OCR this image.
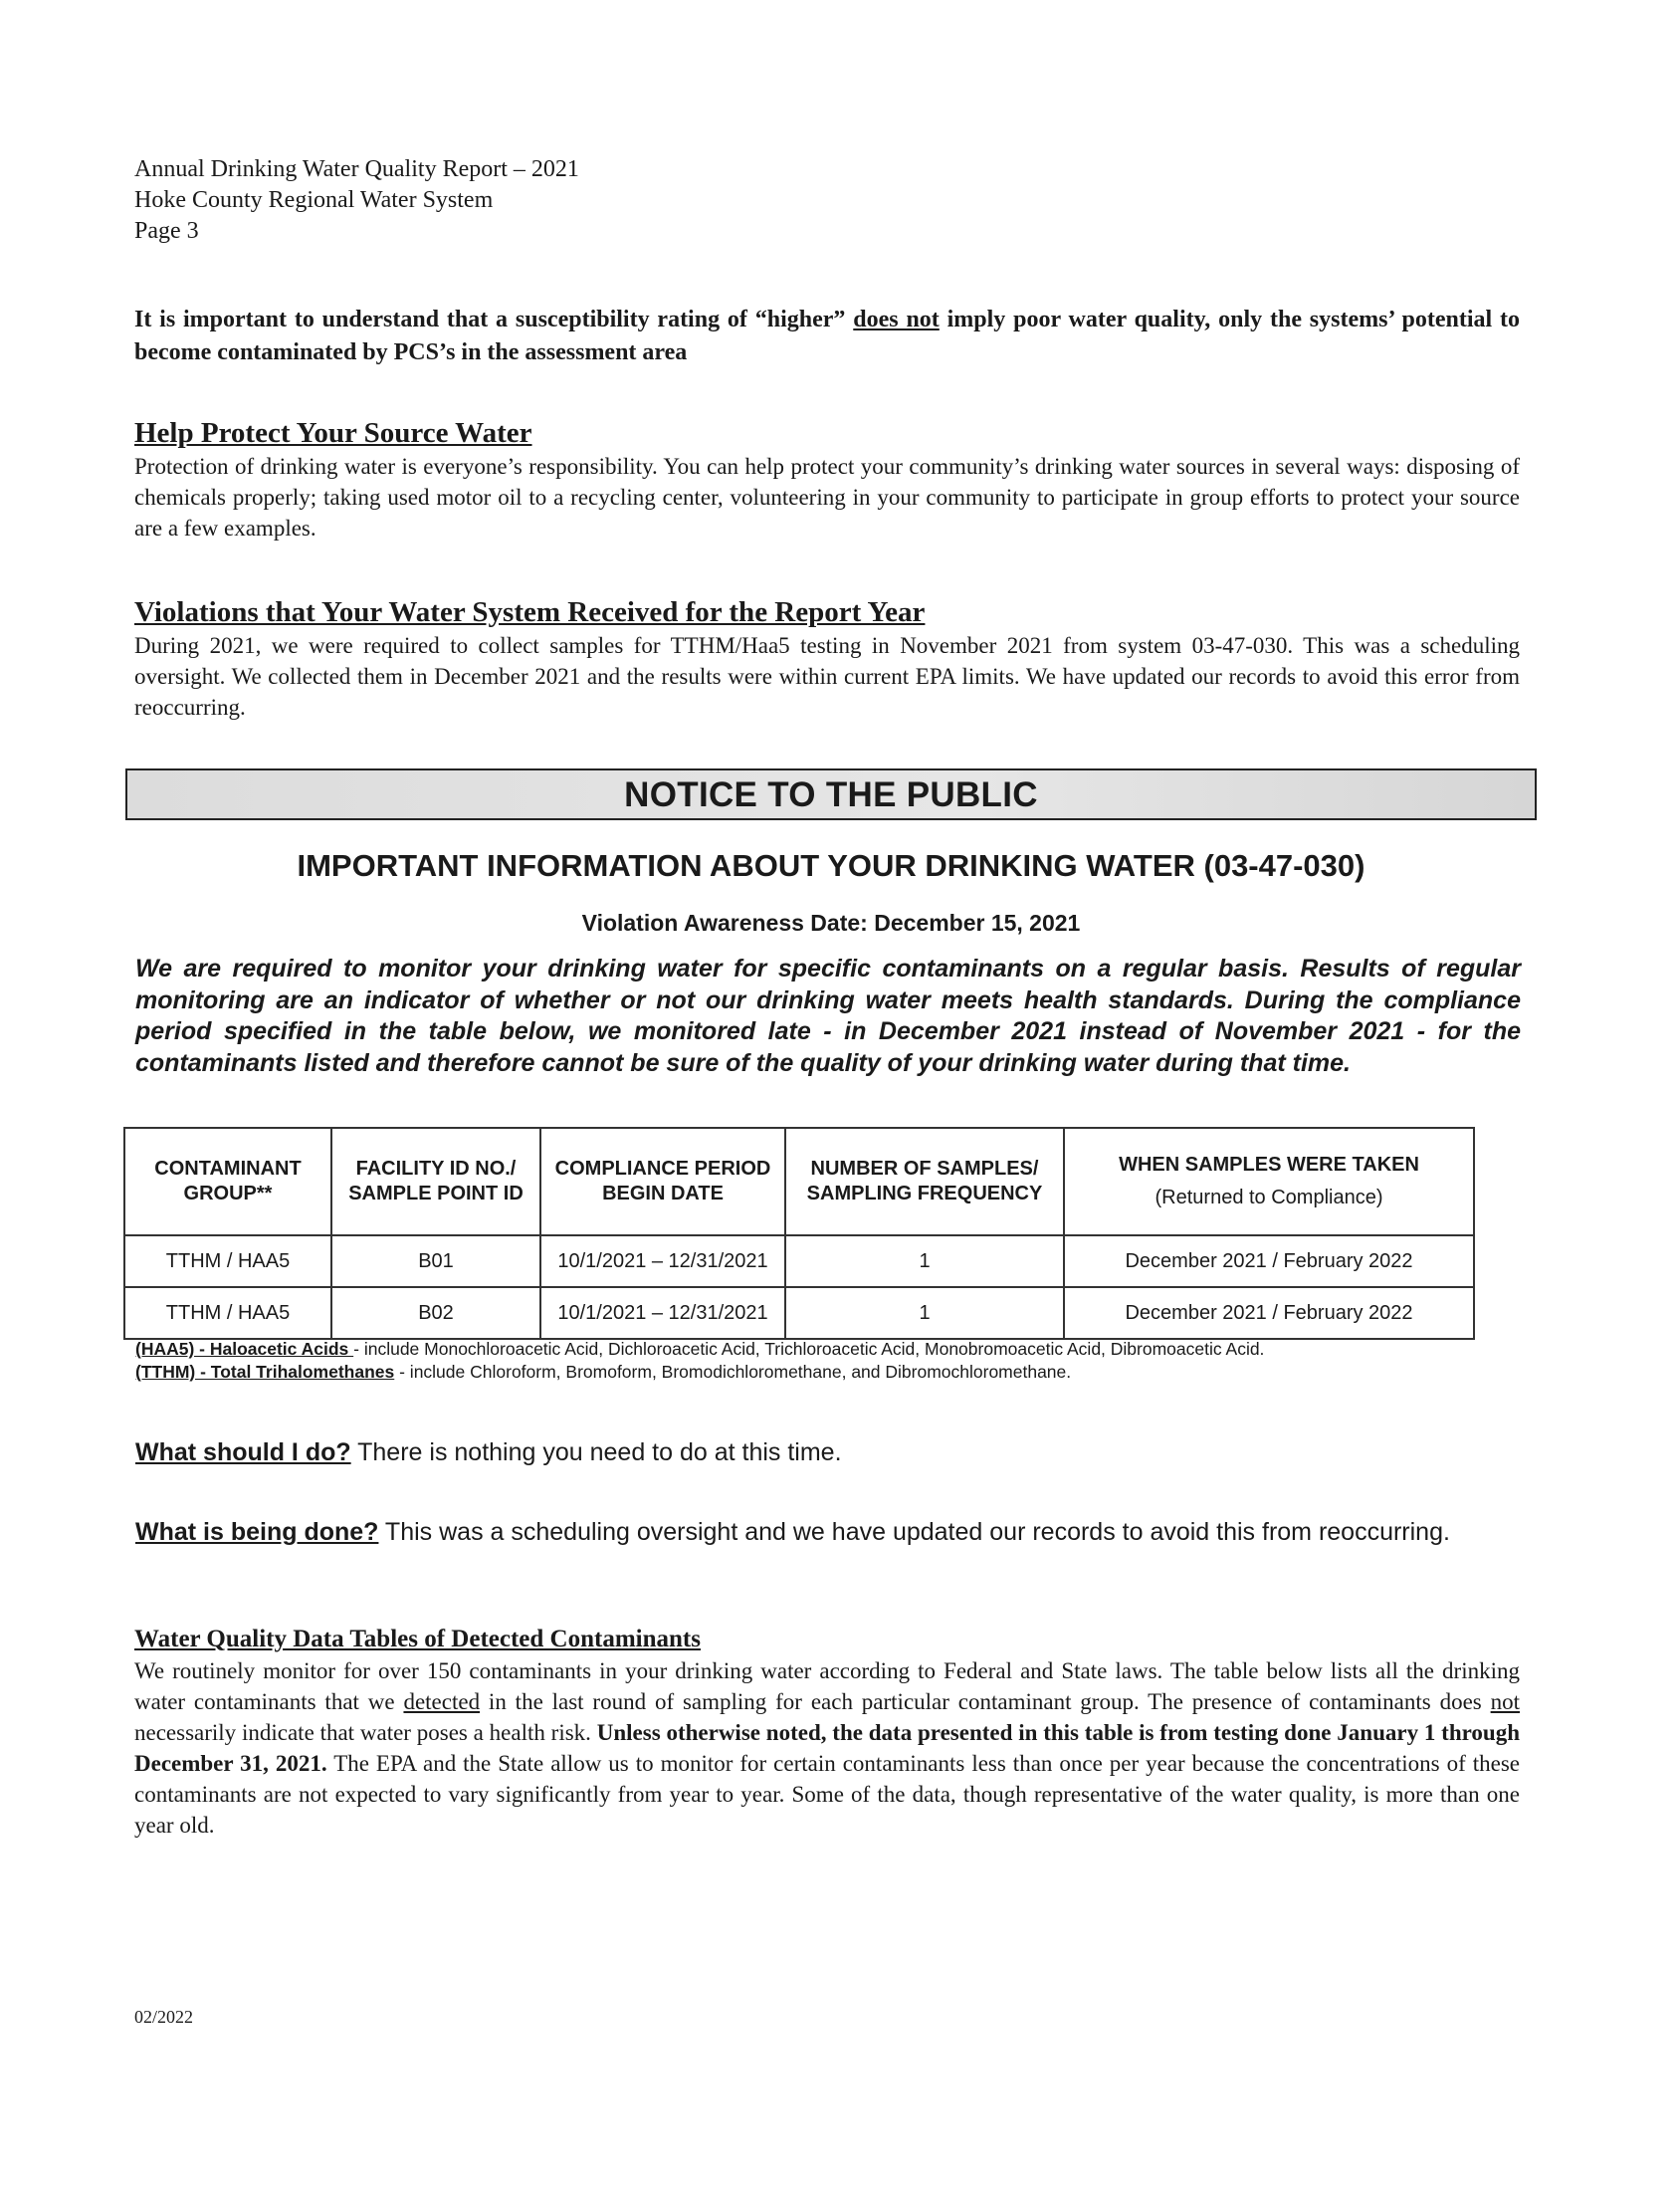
Annual Drinking Water Quality Report – 2021
Hoke County Regional Water System
Page 3
It is important to understand that a susceptibility rating of “higher” does not imply poor water quality, only the systems’ potential to become contaminated by PCS’s in the assessment area
Help Protect Your Source Water
Protection of drinking water is everyone’s responsibility. You can help protect your community’s drinking water sources in several ways: disposing of chemicals properly; taking used motor oil to a recycling center, volunteering in your community to participate in group efforts to protect your source are a few examples.
Violations that Your Water System Received for the Report Year
During 2021, we were required to collect samples for TTHM/Haa5 testing in November 2021 from system 03-47-030. This was a scheduling oversight. We collected them in December 2021 and the results were within current EPA limits. We have updated our records to avoid this error from reoccurring.
NOTICE TO THE PUBLIC
IMPORTANT INFORMATION ABOUT YOUR DRINKING WATER (03-47-030)
Violation Awareness Date: December 15, 2021
We are required to monitor your drinking water for specific contaminants on a regular basis. Results of regular monitoring are an indicator of whether or not our drinking water meets health standards. During the compliance period specified in the table below, we monitored late - in December 2021 instead of November 2021 - for the contaminants listed and therefore cannot be sure of the quality of your drinking water during that time.
CONTAMINANT GROUP**	FACILITY ID NO./ SAMPLE POINT ID	COMPLIANCE PERIOD BEGIN DATE	NUMBER OF SAMPLES/ SAMPLING FREQUENCY	WHEN SAMPLES WERE TAKEN
(Returned to Compliance)

TTHM / HAA5	B01	10/1/2021 – 12/31/2021	1	December 2021 / February 2022
TTHM / HAA5	B02	10/1/2021 – 12/31/2021	1	December 2021 / February 2022
(HAA5) - Haloacetic Acids - include Monochloroacetic Acid, Dichloroacetic Acid, Trichloroacetic Acid, Monobromoacetic Acid, Dibromoacetic Acid.
(TTHM) - Total Trihalomethanes - include Chloroform, Bromoform, Bromodichloromethane, and Dibromochloromethane.
What should I do? There is nothing you need to do at this time.
What is being done? This was a scheduling oversight and we have updated our records to avoid this from reoccurring.
Water Quality Data Tables of Detected Contaminants
We routinely monitor for over 150 contaminants in your drinking water according to Federal and State laws. The table below lists all the drinking water contaminants that we detected in the last round of sampling for each particular contaminant group. The presence of contaminants does not necessarily indicate that water poses a health risk. Unless otherwise noted, the data presented in this table is from testing done January 1 through December 31, 2021. The EPA and the State allow us to monitor for certain contaminants less than once per year because the concentrations of these contaminants are not expected to vary significantly from year to year. Some of the data, though representative of the water quality, is more than one year old.
02/2022
